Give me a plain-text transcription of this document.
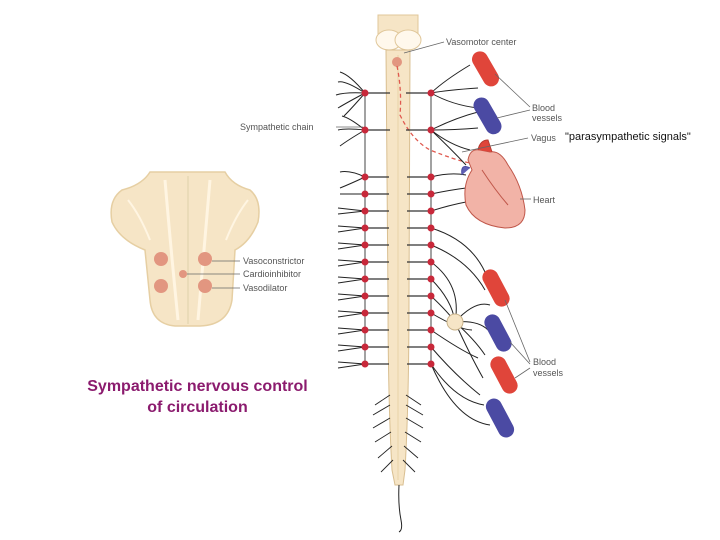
Vasomotor center
Blood
vessels
Sympathetic chain
Vagus "parasympathetic signals"
Heart
Vasoconstrictor
Cardioinhibitor
Vasodilator
Blood
vessels
Sympathetic nervous control
of circulation
